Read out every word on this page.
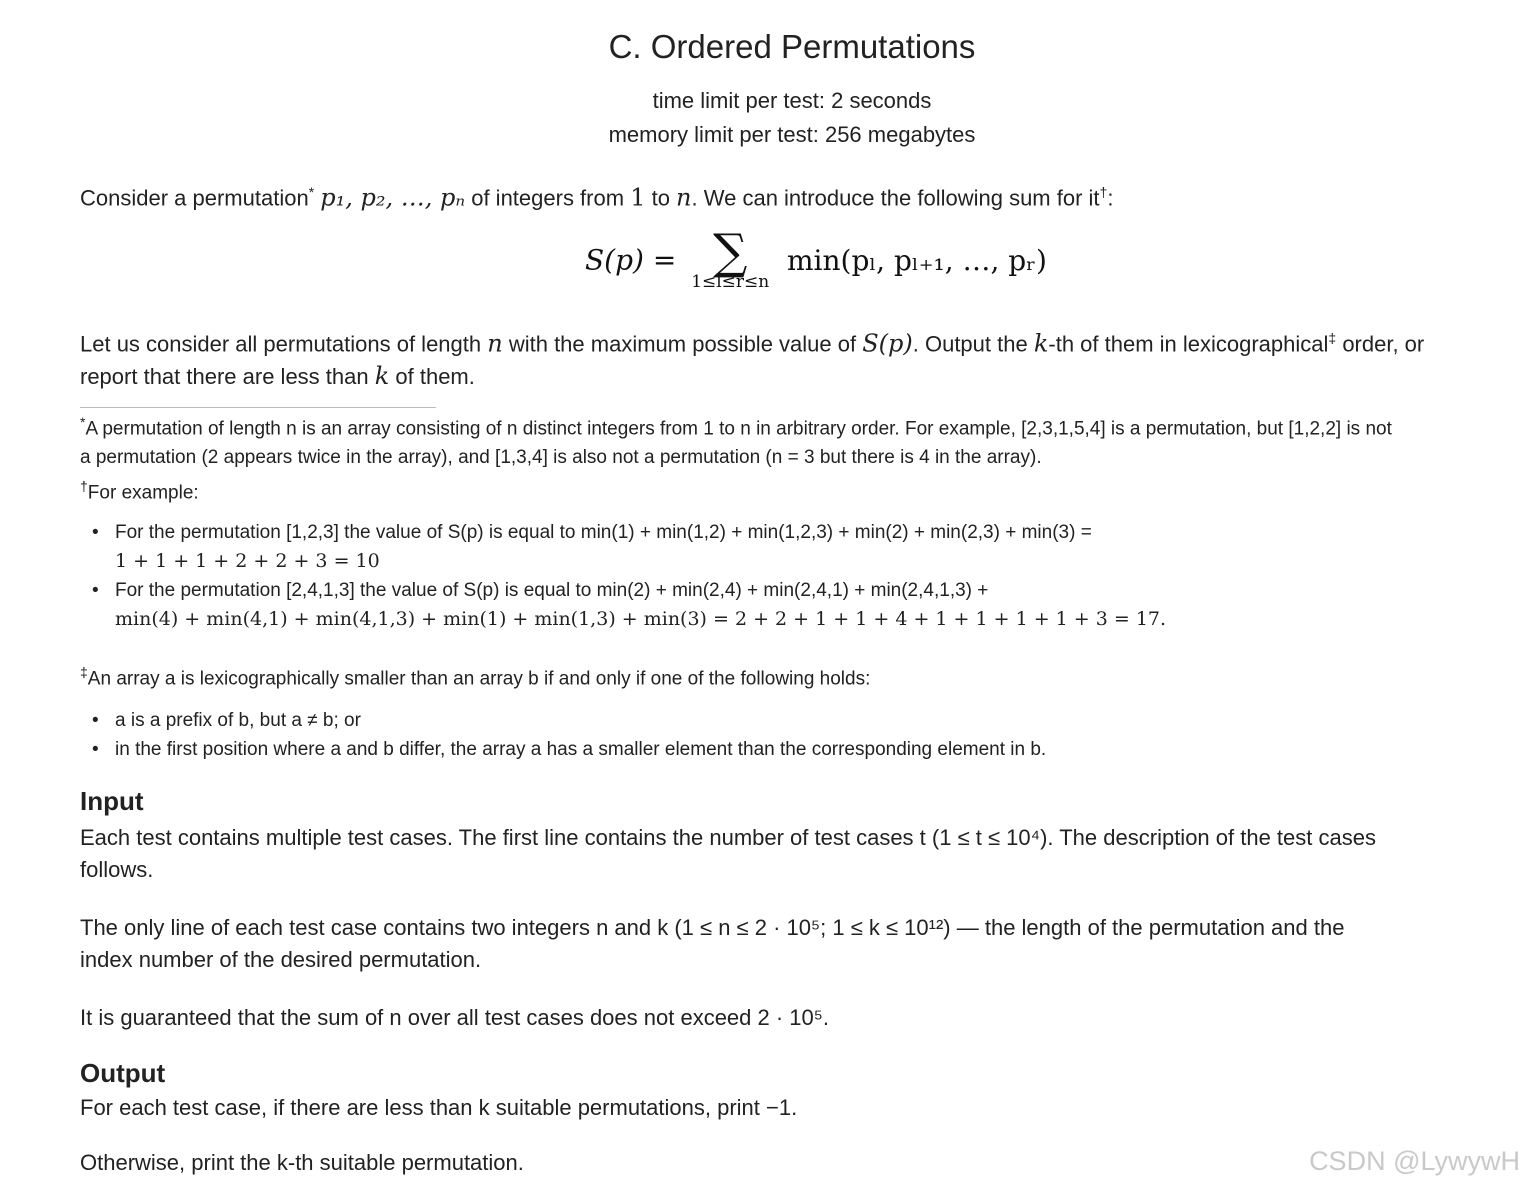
C. Ordered Permutations
time limit per test: 2 seconds
memory limit per test: 256 megabytes
Consider a permutation* p₁, p₂, …, pₙ of integers from 1 to n. We can introduce the following sum for it†:
S(p) = ∑
1≤l≤r≤n
min(pₗ, pₗ₊₁, …, pᵣ)
Let us consider all permutations of length n with the maximum possible value of S(p). Output the k-th of them in lexicographical‡ order, or
report that there are less than k of them.
*A permutation of length n is an array consisting of n distinct integers from 1 to n in arbitrary order. For example, [2,3,1,5,4] is a permutation, but [1,2,2] is not
a permutation (2 appears twice in the array), and [1,3,4] is also not a permutation (n = 3 but there is 4 in the array).
†For example:
• For the permutation [1,2,3] the value of S(p) is equal to min(1) + min(1,2) + min(1,2,3) + min(2) + min(2,3) + min(3) =
1 + 1 + 1 + 2 + 2 + 3 = 10
• For the permutation [2,4,1,3] the value of S(p) is equal to min(2) + min(2,4) + min(2,4,1) + min(2,4,1,3) +
min(4) + min(4,1) + min(4,1,3) + min(1) + min(1,3) + min(3) = 2 + 2 + 1 + 1 + 4 + 1 + 1 + 1 + 1 + 3 = 17.
‡An array a is lexicographically smaller than an array b if and only if one of the following holds:
• a is a prefix of b, but a ≠ b; or
• in the first position where a and b differ, the array a has a smaller element than the corresponding element in b.
Input
Each test contains multiple test cases. The first line contains the number of test cases t (1 ≤ t ≤ 10⁴). The description of the test cases
follows.
The only line of each test case contains two integers n and k (1 ≤ n ≤ 2 · 10⁵; 1 ≤ k ≤ 10¹²) — the length of the permutation and the
index number of the desired permutation.
It is guaranteed that the sum of n over all test cases does not exceed 2 · 10⁵.
Output
For each test case, if there are less than k suitable permutations, print −1.
Otherwise, print the k-th suitable permutation.	CSDN @LywywH
